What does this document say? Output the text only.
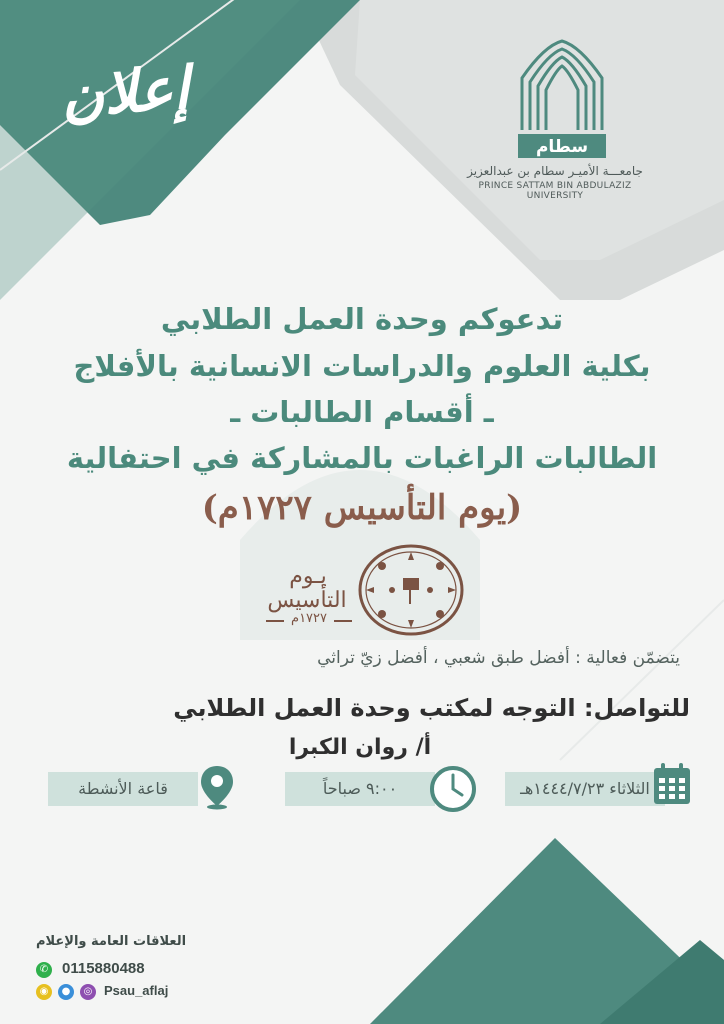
إعلان
سطام
جامعـــة الأميـر سطام بن عبدالعزيز
PRINCE SATTAM BIN ABDULAZIZ UNIVERSITY
تدعوكم وحدة العمل الطلابي
بكلية العلوم والدراسات الانسانية بالأفلاج
ـ أقسام الطالبات ـ
الطالبات الراغبات بالمشاركة في احتفالية
(يوم التأسيس ١٧٢٧م)
يـوم
التأسيس
١٧٢٧م
يتضمّن فعالية : أفضل طبق شعبي ، أفضل زيّ تراثي
للتواصل: التوجه لمكتب وحدة العمل الطلابي
أ/ روان الكبرا
الثلاثاء ١٤٤٤/٧/٢٣هـ
٩:٠٠ صباحاً
قاعة الأنشطة
العلاقات العامة والإعلام
✆ 0115880488
◉	●	◎ Psau_aflaj
